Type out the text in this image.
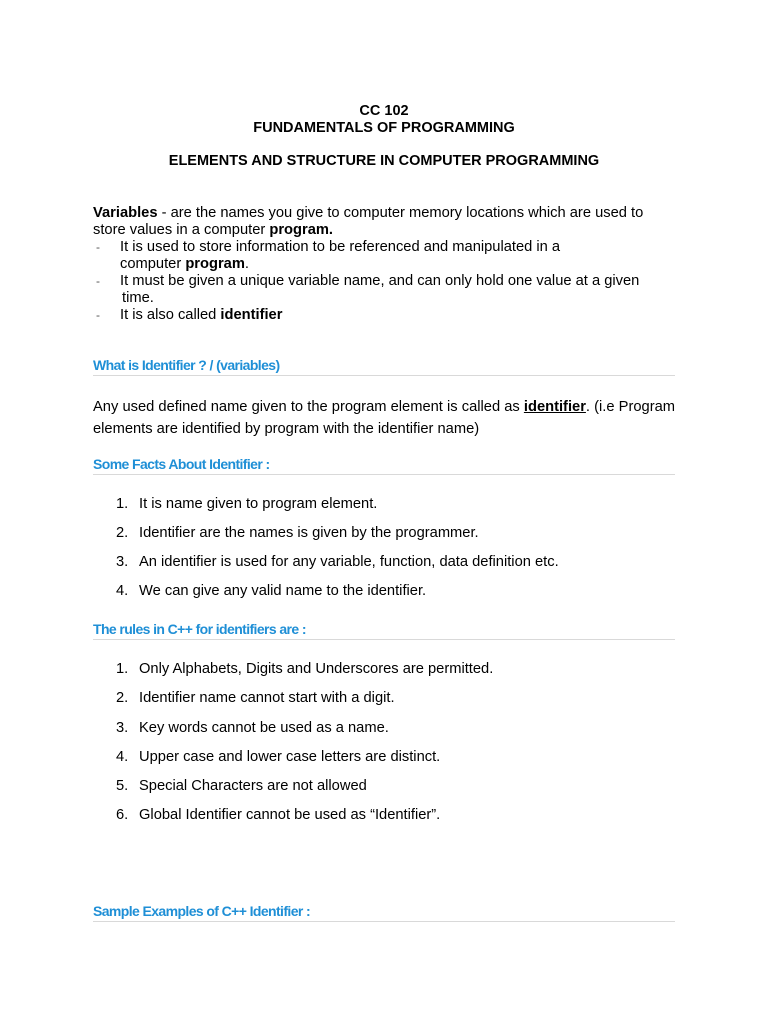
CC 102

FUNDAMENTALS OF PROGRAMMING

ELEMENTS AND STRUCTURE IN COMPUTER PROGRAMMING

Variables - are the names you give to computer memory locations which are used to store values in a computer program.

- It is used to store information to be referenced and manipulated in a
computer program.
- It must be given a unique variable name, and can only hold one value at a given
time.
- It is also called identifier
What is Identifier ? / (variables)

Any used defined name given to the program element is called as identifier. (i.e Program elements are identified by program with the identifier name)

Some Facts About Identifier :
1. It is name given to program element.
2. Identifier are the names is given by the programmer.
3. An identifier is used for any variable, function, data definition etc.
4. We can give any valid name to the identifier.
The rules in C++ for identifiers are :
1. Only Alphabets, Digits and Underscores are permitted.
2. Identifier name cannot start with a digit.
3. Key words cannot be used as a name.
4. Upper case and lower case letters are distinct.
5. Special Characters are not allowed
6. Global Identifier cannot be used as “Identifier”.
Sample Examples of C++ Identifier :
